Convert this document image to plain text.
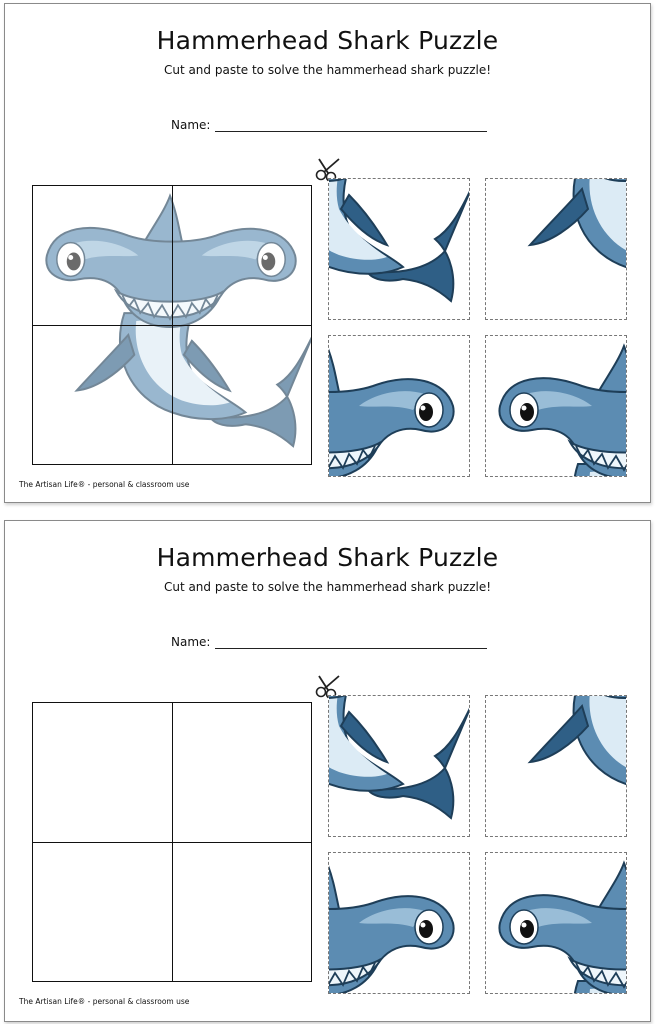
Hammerhead Shark Puzzle
Cut and paste to solve the hammerhead shark puzzle!
Name:
The Artisan Life® - personal & classroom use
Hammerhead Shark Puzzle
Cut and paste to solve the hammerhead shark puzzle!
Name:
The Artisan Life® - personal & classroom use
